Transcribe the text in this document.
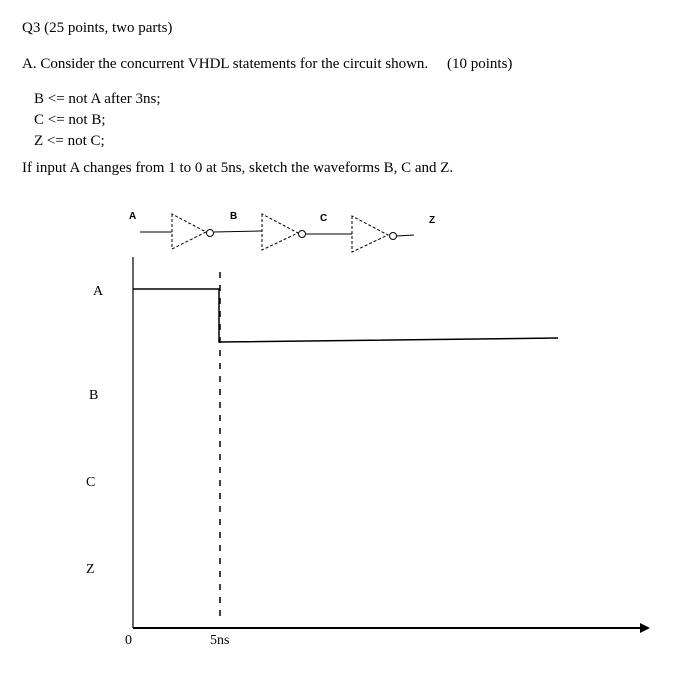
Q3 (25 points, two parts)
A. Consider the concurrent VHDL statements for the circuit shown. (10 points)
B <= not A after 3ns;
C <= not B;
Z <= not C;
If input A changes from 1 to 0 at 5ns, sketch the waveforms B, C and Z.
A	B	C	Z
A
B
C
Z
0	5ns
